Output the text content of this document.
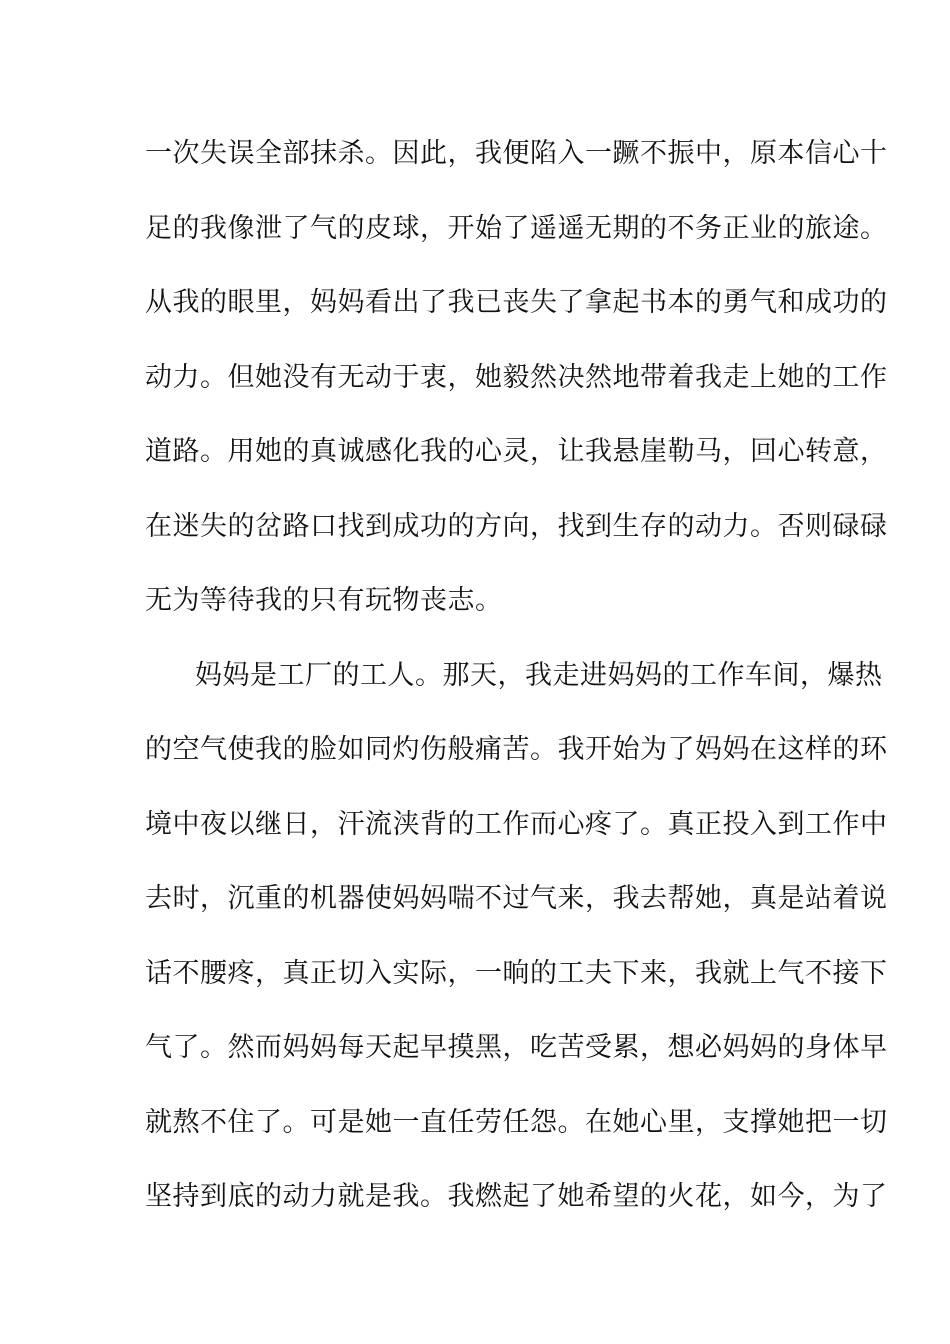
一次失误全部抹杀。因此，我便陷入一蹶不振中，原本信心十
足的我像泄了气的皮球，开始了遥遥无期的不务正业的旅途。
从我的眼里，妈妈看出了我已丧失了拿起书本的勇气和成功的
动力。但她没有无动于衷，她毅然决然地带着我走上她的工作
道路。用她的真诚感化我的心灵，让我悬崖勒马，回心转意，
在迷失的岔路口找到成功的方向，找到生存的动力。否则碌碌
无为等待我的只有玩物丧志。
妈妈是工厂的工人。那天，我走进妈妈的工作车间，爆热
的空气使我的脸如同灼伤般痛苦。我开始为了妈妈在这样的环
境中夜以继日，汗流浃背的工作而心疼了。真正投入到工作中
去时，沉重的机器使妈妈喘不过气来，我去帮她，真是站着说
话不腰疼，真正切入实际，一晌的工夫下来，我就上气不接下
气了。然而妈妈每天起早摸黑，吃苦受累，想必妈妈的身体早
就熬不住了。可是她一直任劳任怨。在她心里，支撑她把一切
坚持到底的动力就是我。我燃起了她希望的火花，如今，为了
